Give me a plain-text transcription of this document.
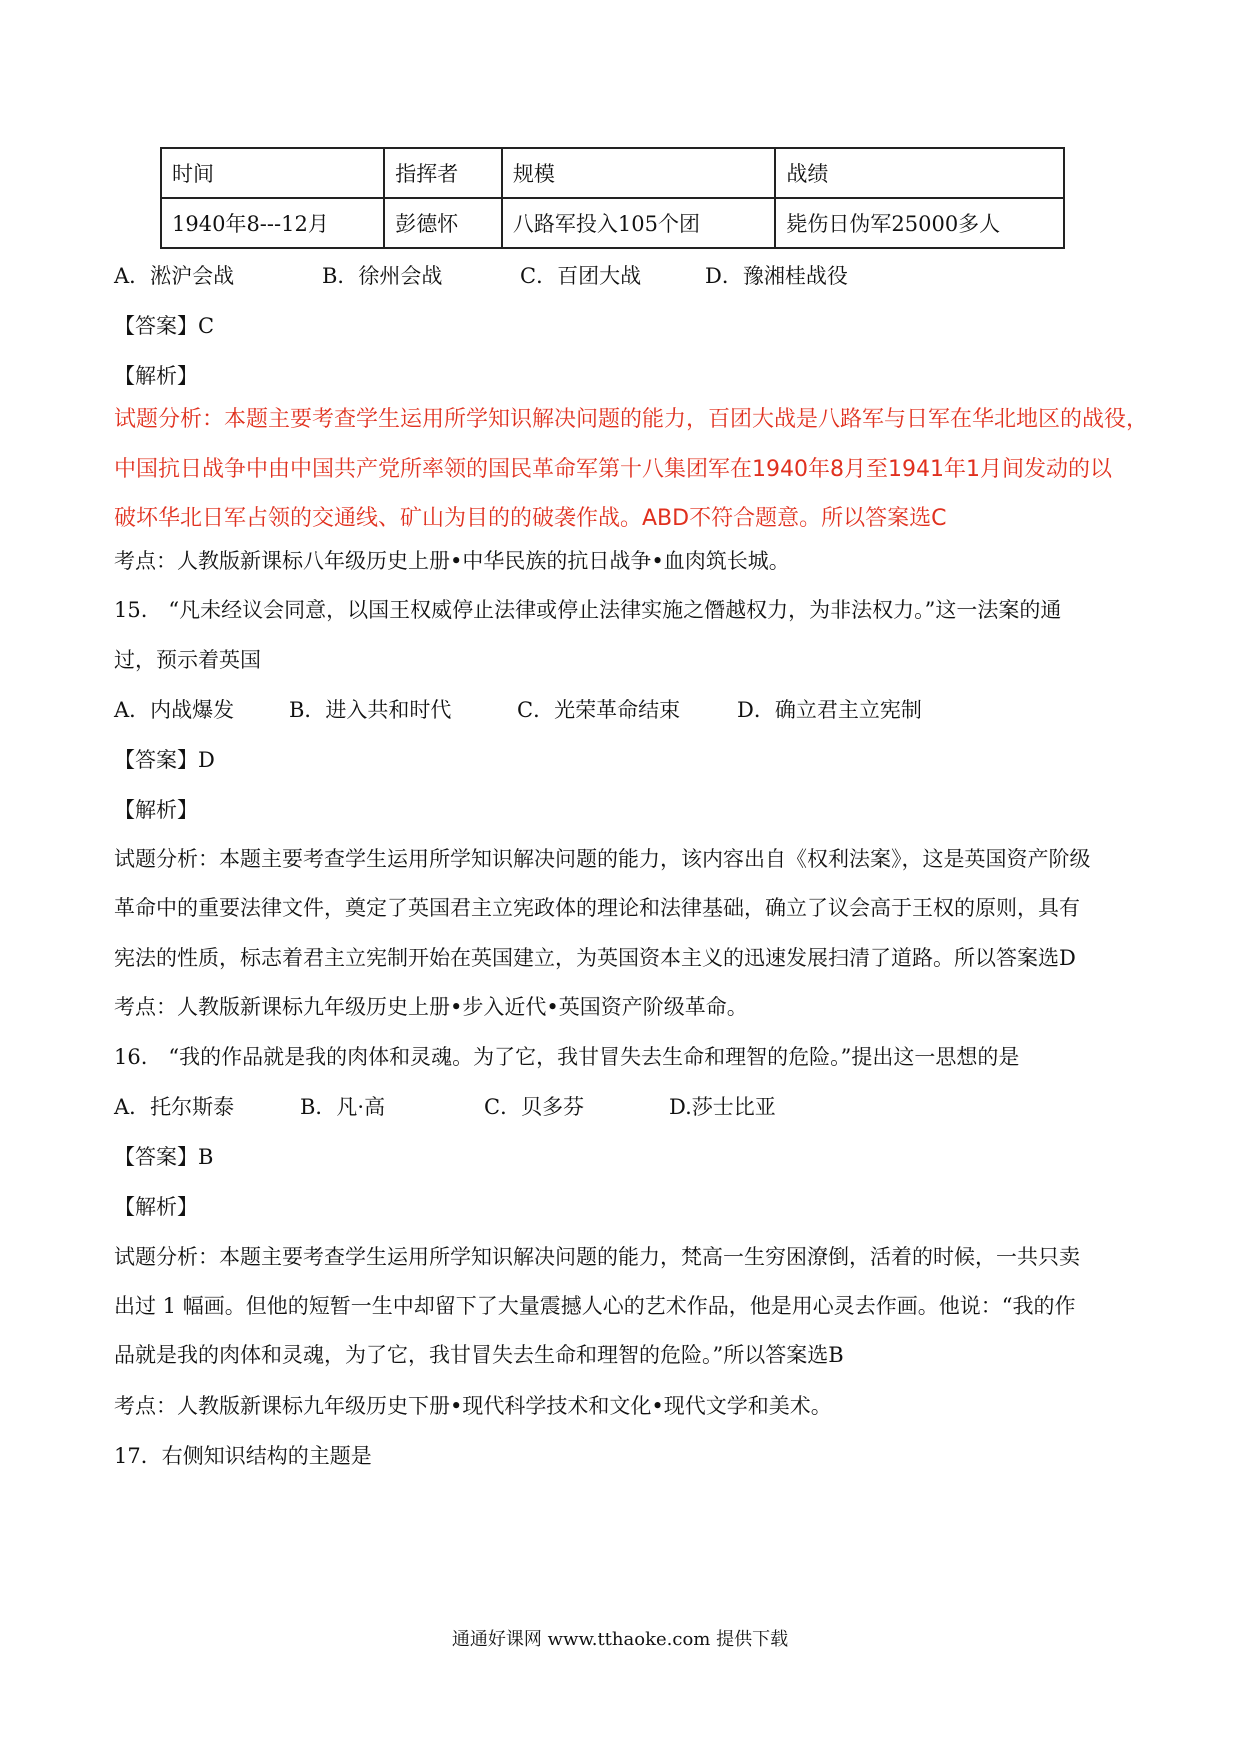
时间	指挥者	规模	战绩
1940年8---12月	彭德怀	八路军投入105个团	毙伤日伪军25000多人
A．淞沪会战	B．徐州会战	C．百团大战	D．豫湘桂战役
【答案】C
【解析】
试题分析：本题主要考查学生运用所学知识解决问题的能力，百团大战是八路军与日军在华北地区的战役，
中国抗日战争中由中国共产党所率领的国民革命军第十八集团军在1940年8月至1941年1月间发动的以
破坏华北日军占领的交通线、矿山为目的的破袭作战。ABD不符合题意。所以答案选C
考点：人教版新课标八年级历史上册•中华民族的抗日战争•血肉筑长城。
15.　“凡未经议会同意，以国王权威停止法律或停止法律实施之僭越权力，为非法权力。”这一法案的通
过，预示着英国
A．内战爆发	B．进入共和时代	C．光荣革命结束	D．确立君主立宪制
【答案】D
【解析】
试题分析：本题主要考查学生运用所学知识解决问题的能力，该内容出自《权利法案》，这是英国资产阶级
革命中的重要法律文件，奠定了英国君主立宪政体的理论和法律基础，确立了议会高于王权的原则，具有
宪法的性质，标志着君主立宪制开始在英国建立，为英国资本主义的迅速发展扫清了道路。所以答案选D
考点：人教版新课标九年级历史上册•步入近代•英国资产阶级革命。
16.　“我的作品就是我的肉体和灵魂。为了它，我甘冒失去生命和理智的危险。”提出这一思想的是
A．托尔斯泰	B．凡·高	C．贝多芬	D.莎士比亚
【答案】B
【解析】
试题分析：本题主要考查学生运用所学知识解决问题的能力，梵高一生穷困潦倒，活着的时候，一共只卖
出过 1 幅画。但他的短暂一生中却留下了大量震撼人心的艺术作品，他是用心灵去作画。他说：“我的作
品就是我的肉体和灵魂，为了它，我甘冒失去生命和理智的危险。”所以答案选B
考点：人教版新课标九年级历史下册•现代科学技术和文化•现代文学和美术。
17．右侧知识结构的主题是
通通好课网 www.tthaoke.com 提供下载
